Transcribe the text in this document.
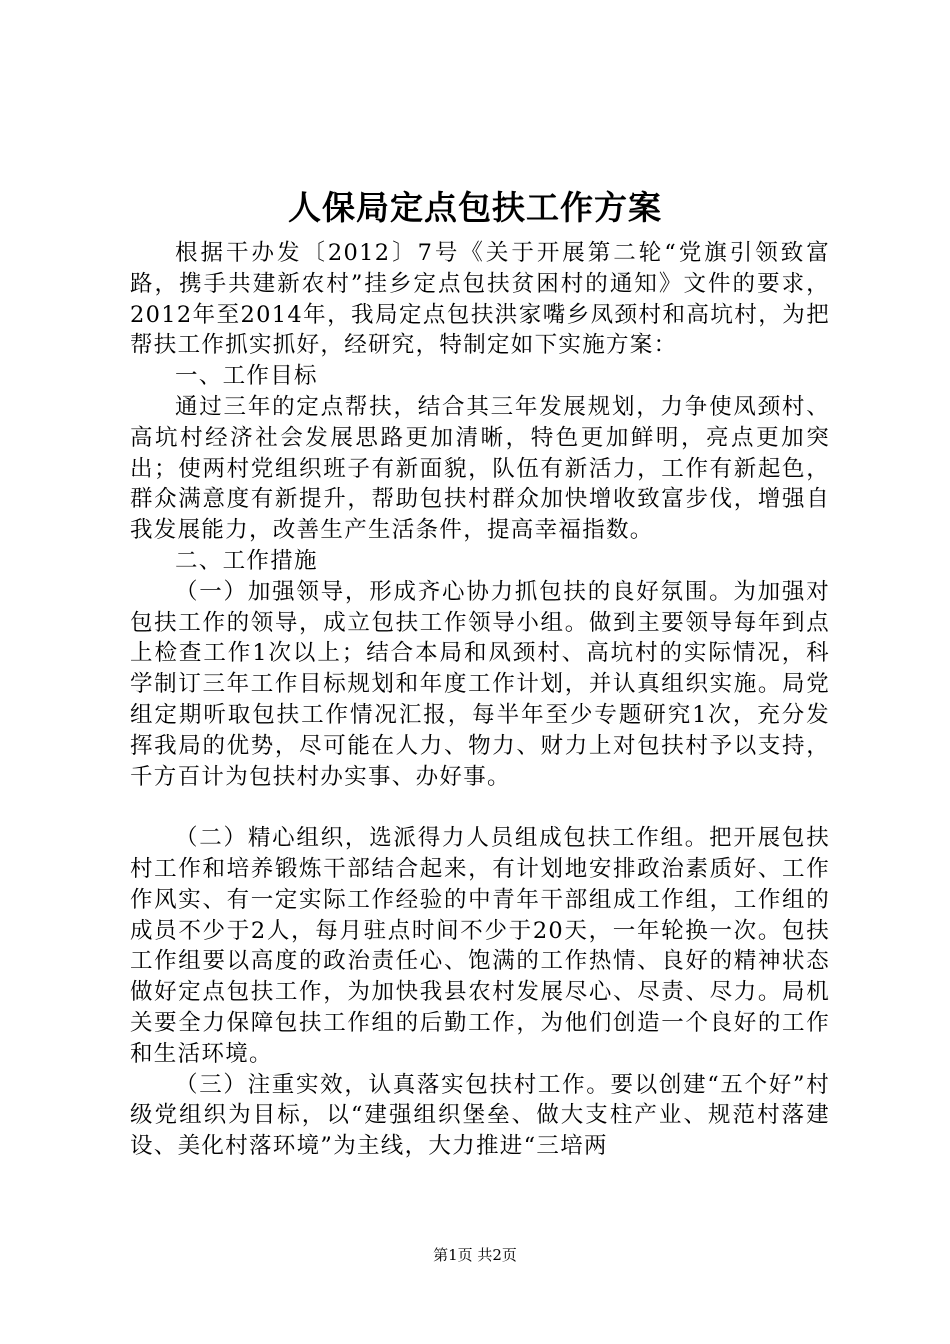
人保局定点包扶工作方案

根据干办发〔2012〕7号《关于开展第二轮“党旗引领致富路，携手共建新农村”挂乡定点包扶贫困村的通知》文件的要求，2012年至2014年，我局定点包扶洪家嘴乡凤颈村和高坑村，为把帮扶工作抓实抓好，经研究，特制定如下实施方案：

一、工作目标

通过三年的定点帮扶，结合其三年发展规划，力争使凤颈村、高坑村经济社会发展思路更加清晰，特色更加鲜明，亮点更加突出；使两村党组织班子有新面貌，队伍有新活力，工作有新起色，群众满意度有新提升，帮助包扶村群众加快增收致富步伐，增强自我发展能力，改善生产生活条件，提高幸福指数。

二、工作措施

（一）加强领导，形成齐心协力抓包扶的良好氛围。为加强对包扶工作的领导，成立包扶工作领导小组。做到主要领导每年到点上检查工作1次以上；结合本局和凤颈村、高坑村的实际情况，科学制订三年工作目标规划和年度工作计划，并认真组织实施。局党组定期听取包扶工作情况汇报，每半年至少专题研究1次，充分发挥我局的优势，尽可能在人力、物力、财力上对包扶村予以支持，千方百计为包扶村办实事、办好事。

（二）精心组织，选派得力人员组成包扶工作组。把开展包扶村工作和培养锻炼干部结合起来，有计划地安排政治素质好、工作作风实、有一定实际工作经验的中青年干部组成工作组，工作组的成员不少于2人，每月驻点时间不少于20天，一年轮换一次。包扶工作组要以高度的政治责任心、饱满的工作热情、良好的精神状态做好定点包扶工作，为加快我县农村发展尽心、尽责、尽力。局机关要全力保障包扶工作组的后勤工作，为他们创造一个良好的工作和生活环境。

（三）注重实效，认真落实包扶村工作。要以创建“五个好”村级党组织为目标，以“建强组织堡垒、做大支柱产业、规范村落建设、美化村落环境”为主线，大力推进“三培两

第1页 共2页
